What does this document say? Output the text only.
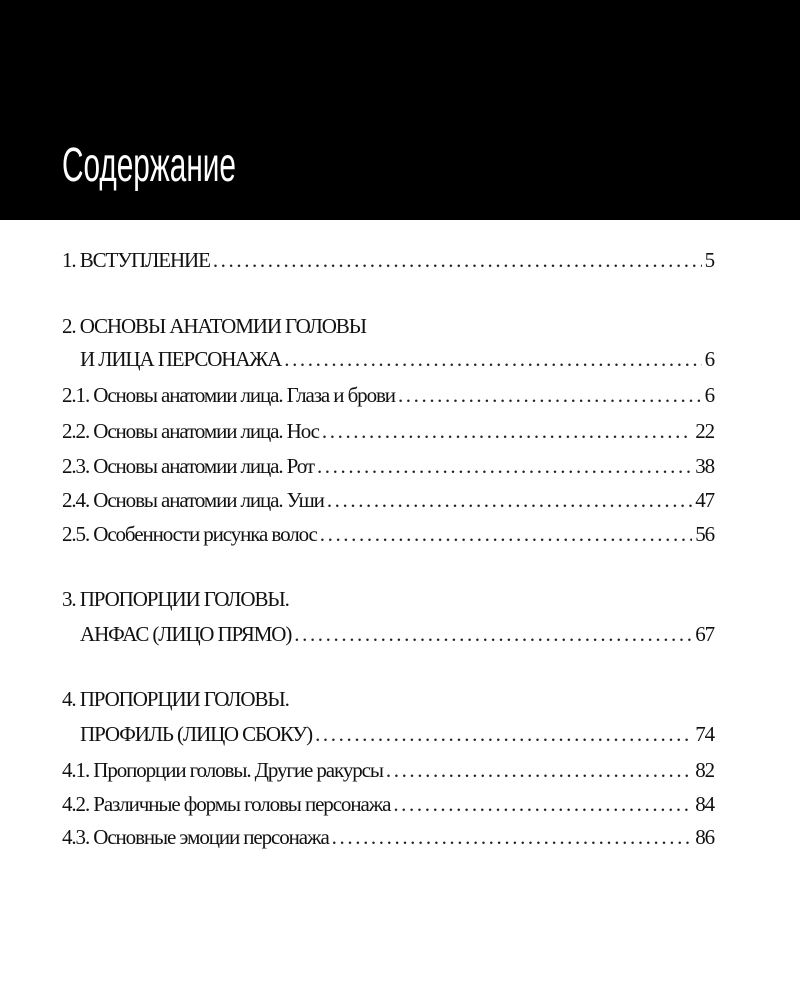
Содержание
1. ВСТУПЛЕНИЕ .....	5
2. ОСНОВЫ АНАТОМИИ ГОЛОВЫ
И ЛИЦА ПЕРСОНАЖА .....	6
2.1. Основы анатомии лица. Глаза и брови .....	6
2.2. Основы анатомии лица. Нос .....	22
2.3. Основы анатомии лица. Рот .....	38
2.4. Основы анатомии лица. Уши .....	47
2.5. Особенности рисунка волос .....	56
3. ПРОПОРЦИИ ГОЛОВЫ.
АНФАС (ЛИЦО ПРЯМО) .....	67
4. ПРОПОРЦИИ ГОЛОВЫ.
ПРОФИЛЬ (ЛИЦО СБОКУ) .....	74
4.1. Пропорции головы. Другие ракурсы .....	82
4.2. Различные формы головы персонажа .....	84
4.3. Основные эмоции персонажа .....	86
